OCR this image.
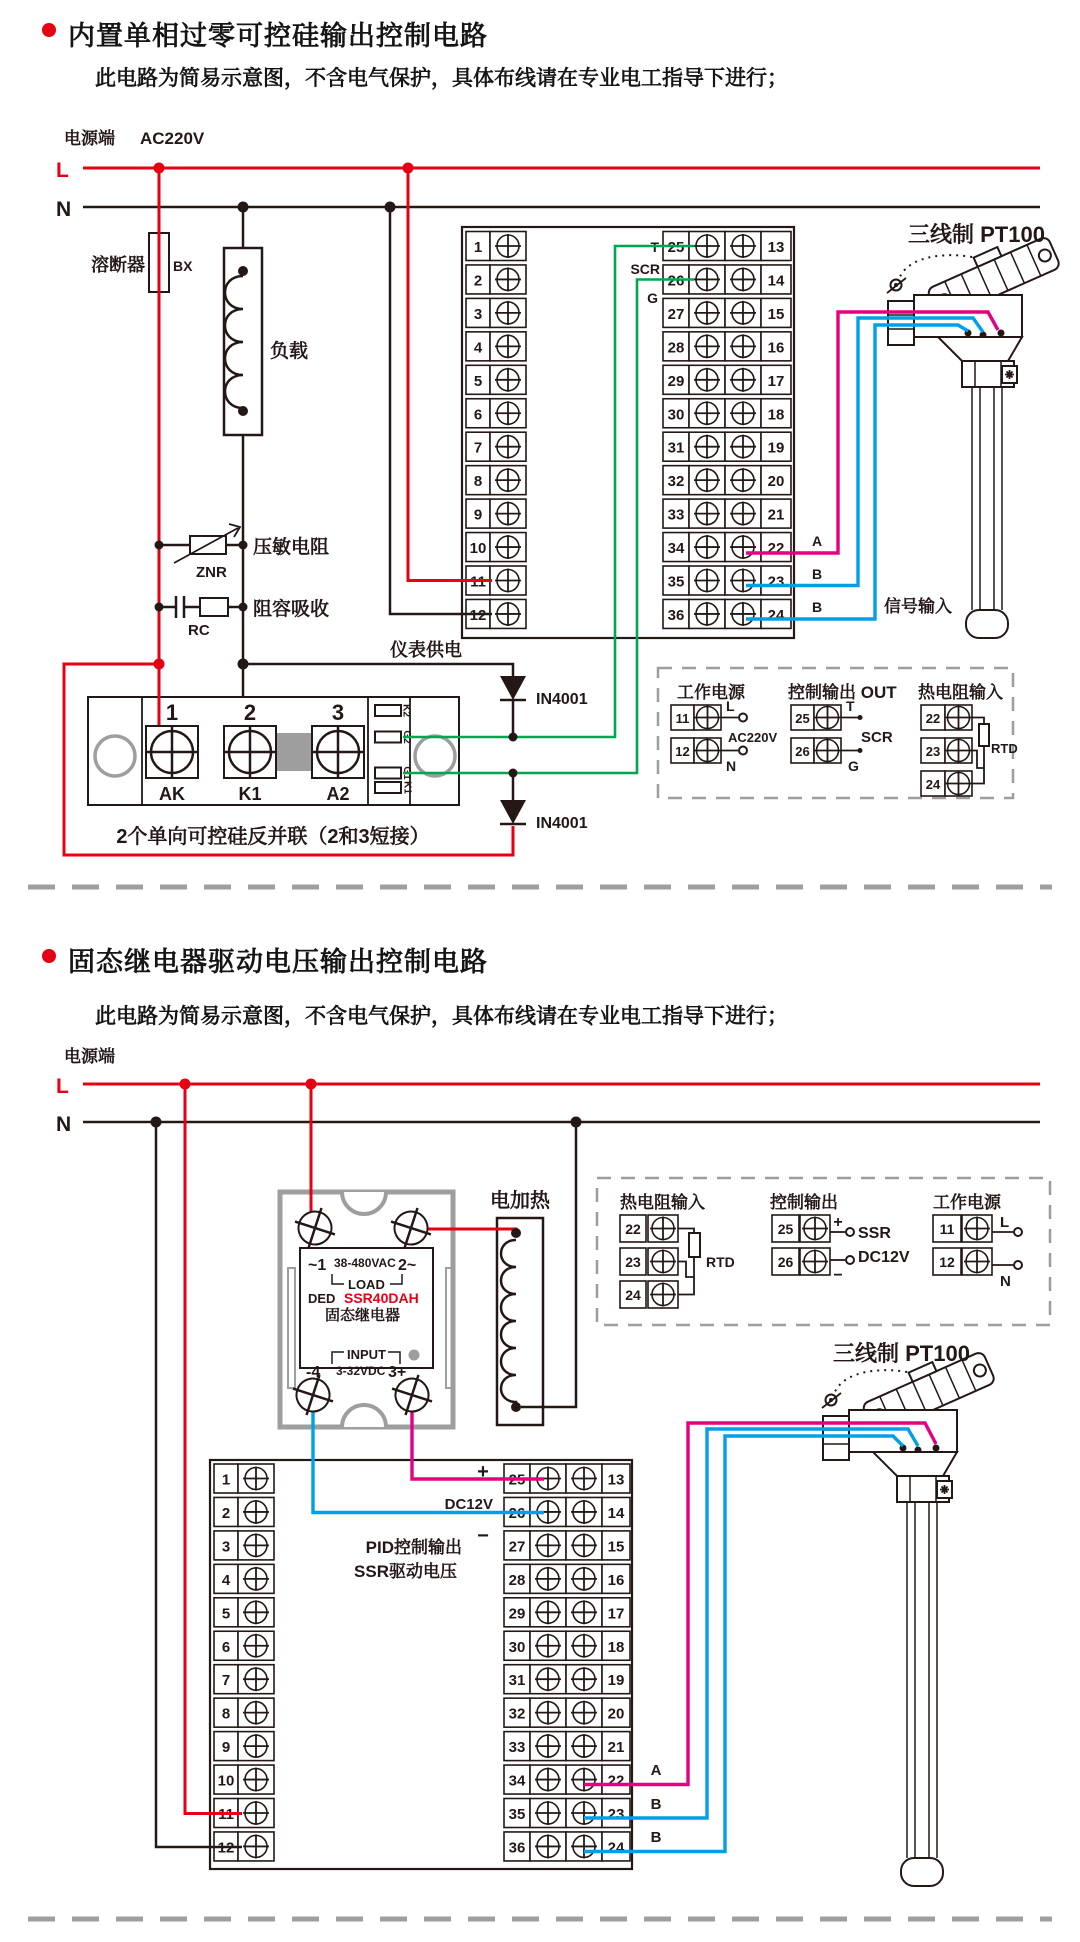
内置单相过零可控硅输出控制电路
此电路为简易示意图，不含电气保护，具体布线请在专业电工指导下进行；
电源端 AC220V
L
N
工作电源
11
L
AC220V
12
N
控制输出 OUT
25
T
SCR
26
G
热电阻输入
22
23
24
RTD
1
2
3
4
5
6
7
8
9
10
11
12
25
26
27
28
29
30
31
32
33
34
35
36
13
14
15
16
17
18
19
20
21
22
23
24
T
SCR
G
仪表供电
溶断器 BX
负载
压敏电阻
ZNR
阻容吸收
RC
K2
G2
G1
K1
三线制 PT100
IN4001
IN4001
1	2	3
AK	K1	A2
2个单向可控硅反并联（2和3短接）
A
B
B	信号输入
固态继电器驱动电压输出控制电路
此电路为简易示意图，不含电气保护，具体布线请在专业电工指导下进行；
电源端
L
N
热电阻输入
22
23
24
RTD
控制输出
25	+
SSR
26	DC12V
−
工作电源
11	L
12
N
电加热
1
2
3
4
5
6
7
8
9
10
11
12
25
26
27
28
29
30
31
32
33
34
35
36
13
14
15
16
17
18
19
20
21
22
23
24
三线制 PT100
~1 38-480VAC 2~
LOAD
DED SSR40DAH
固态继电器
INPUT
-4 3-32VDC 3+
+
DC12V
−
PID控制输出
SSR驱动电压
A
B
B
